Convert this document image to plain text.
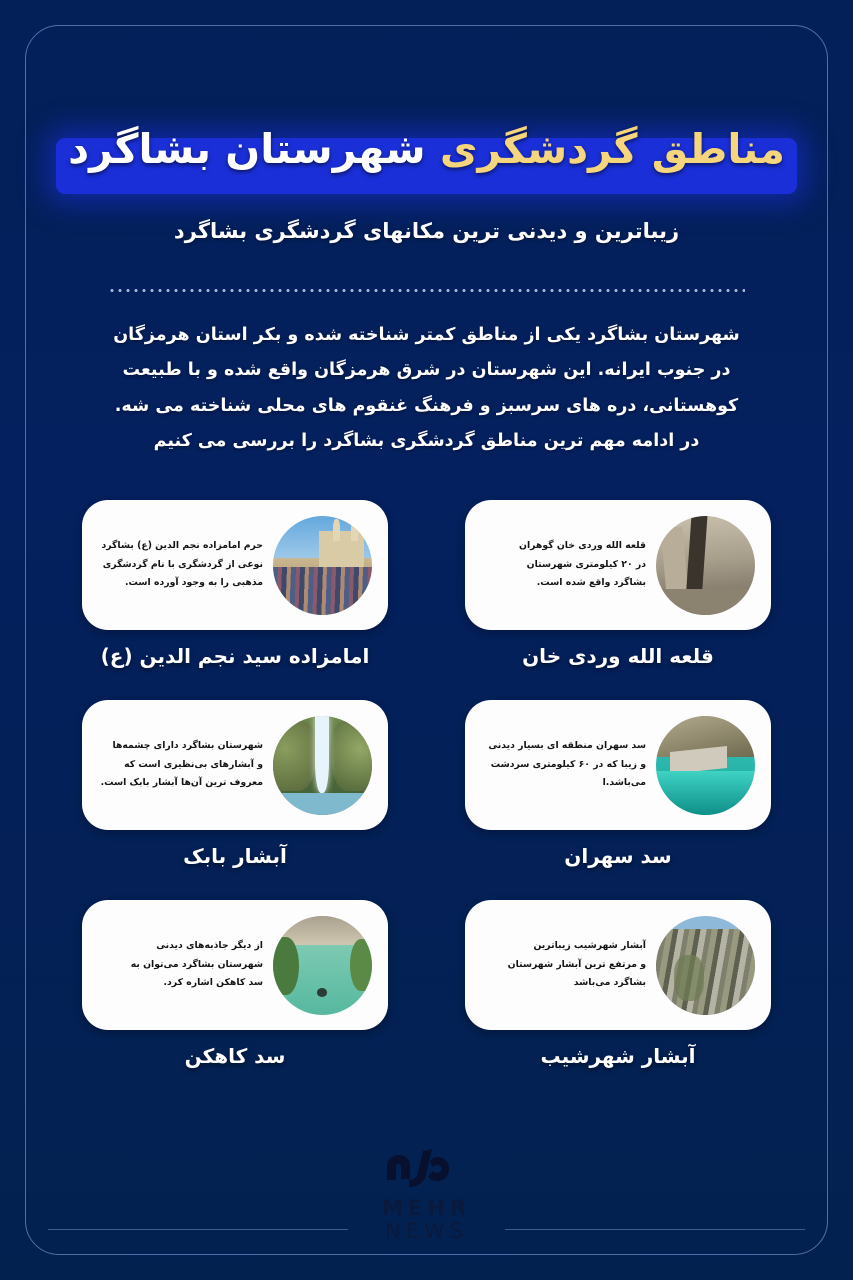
مناطق گردشگری شهرستان بشاگرد

زیباترین و دیدنی ترین مکانهای گردشگری بشاگرد

شهرستان بشاگرد یکی از مناطق کمتر شناخته شده و بکر استان هرمزگان

در جنوب ایرانه. این شهرستان در شرق هرمزگان واقع شده و با طبیعت

کوهستانی، دره های سرسبز و فرهنگ غنقوم های محلی شناخته می شه.

در ادامه مهم ترین مناطق گردشگری بشاگرد را بررسی می کنیم

قلعه الله وردی خان گوهران
در ۲۰ کیلومتری شهرستان
بشاگرد واقع شده است.
قلعه الله وردی خان
حرم امامزاده نجم الدین (ع) بشاگرد
نوعی از گردشگری با نام گردشگری
مذهبی را به وجود آورده است.
امامزاده سید نجم الدین (ع)
سد سهران منطقه ای بسیار دیدنی
و زیبا که در ۶۰ کیلومتری سردشت
می‌باشد.ا
سد سهران
شهرستان بشاگرد دارای چشمه‌ها
و آبشارهای بی‌نظیری است که
معروف ترین آن‌ها آبشار بابک است.
آبشار بابک
آبشار شهرشیب زیباترین
و مرتفع ترین آبشار شهرستان
بشاگرد می‌باشد
آبشار شهرشیب
از دیگر جاذبه‌های دیدنی
شهرستان بشاگرد می‌توان به
سد کاهکن اشاره کرد.
سد کاهکن
MEHR
NEWS
